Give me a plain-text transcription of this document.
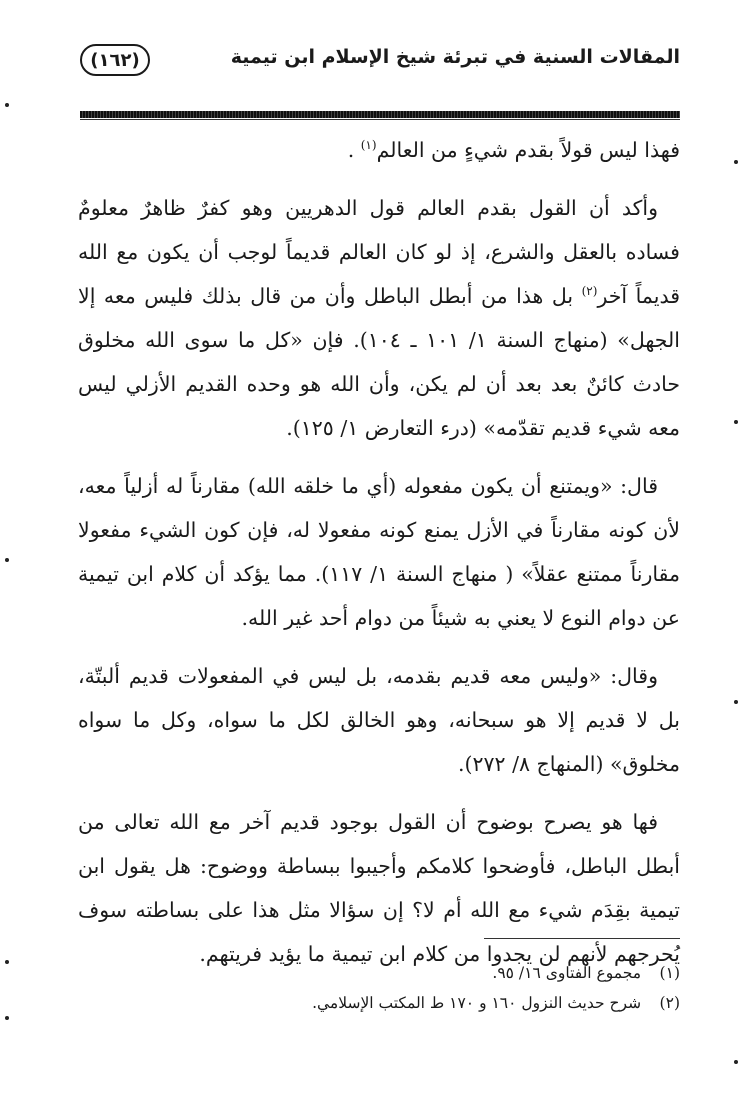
(١٦٢)	المقالات السنية في تبرئة شيخ الإسلام ابن تيمية

فهذا ليس قولاً بقدم شيءٍ من العالم$^{(١)}$ .

وأكد أن القول بقدم العالم قول الدهريين وهو كفرٌ ظاهرٌ معلومٌ فساده بالعقل والشرع، إذ لو كان العالم قديماً لوجب أن يكون مع الله قديماً آخر$^{(٢)}$ بل هذا من أبطل الباطل وأن من قال بذلك فليس معه إلا الجهل» (منهاج السنة ١/ ١٠١ ـ ١٠٤). فإن «كل ما سوى الله مخلوق حادث كائنٌ بعد بعد أن لم يكن، وأن الله هو وحده القديم الأزلي ليس معه شيء قديم تقدّمه» (درء التعارض ١/ ١٢٥).

قال: «ويمتنع أن يكون مفعوله (أي ما خلقه الله) مقارناً له أزلياً معه، لأن كونه مقارناً في الأزل يمنع كونه مفعولا له، فإن كون الشيء مفعولا مقارناً ممتنع عقلاً» ( منهاج السنة ١/ ١١٧). مما يؤكد أن كلام ابن تيمية عن دوام النوع لا يعني به شيئاً من دوام أحد غير الله.

وقال: «وليس معه قديم بقدمه، بل ليس في المفعولات قديم ألبتّة، بل لا قديم إلا هو سبحانه، وهو الخالق لكل ما سواه، وكل ما سواه مخلوق» (المنهاج ٨/ ٢٧٢).

فها هو يصرح بوضوح أن القول بوجود قديم آخر مع الله تعالى من أبطل الباطل، فأوضحوا كلامكم وأجيبوا ببساطة ووضوح: هل يقول ابن تيمية بقِدَم شيء مع الله أم لا؟ إن سؤالا مثل هذا على بساطته سوف يُحرجهم لأنهم لن يجدوا من كلام ابن تيمية ما يؤيد فريتهم.

(١) مجموع الفتاوى ١٦/ ٩٥.
(٢) شرح حديث النزول ١٦٠ و ١٧٠ ط المكتب الإسلامي.
